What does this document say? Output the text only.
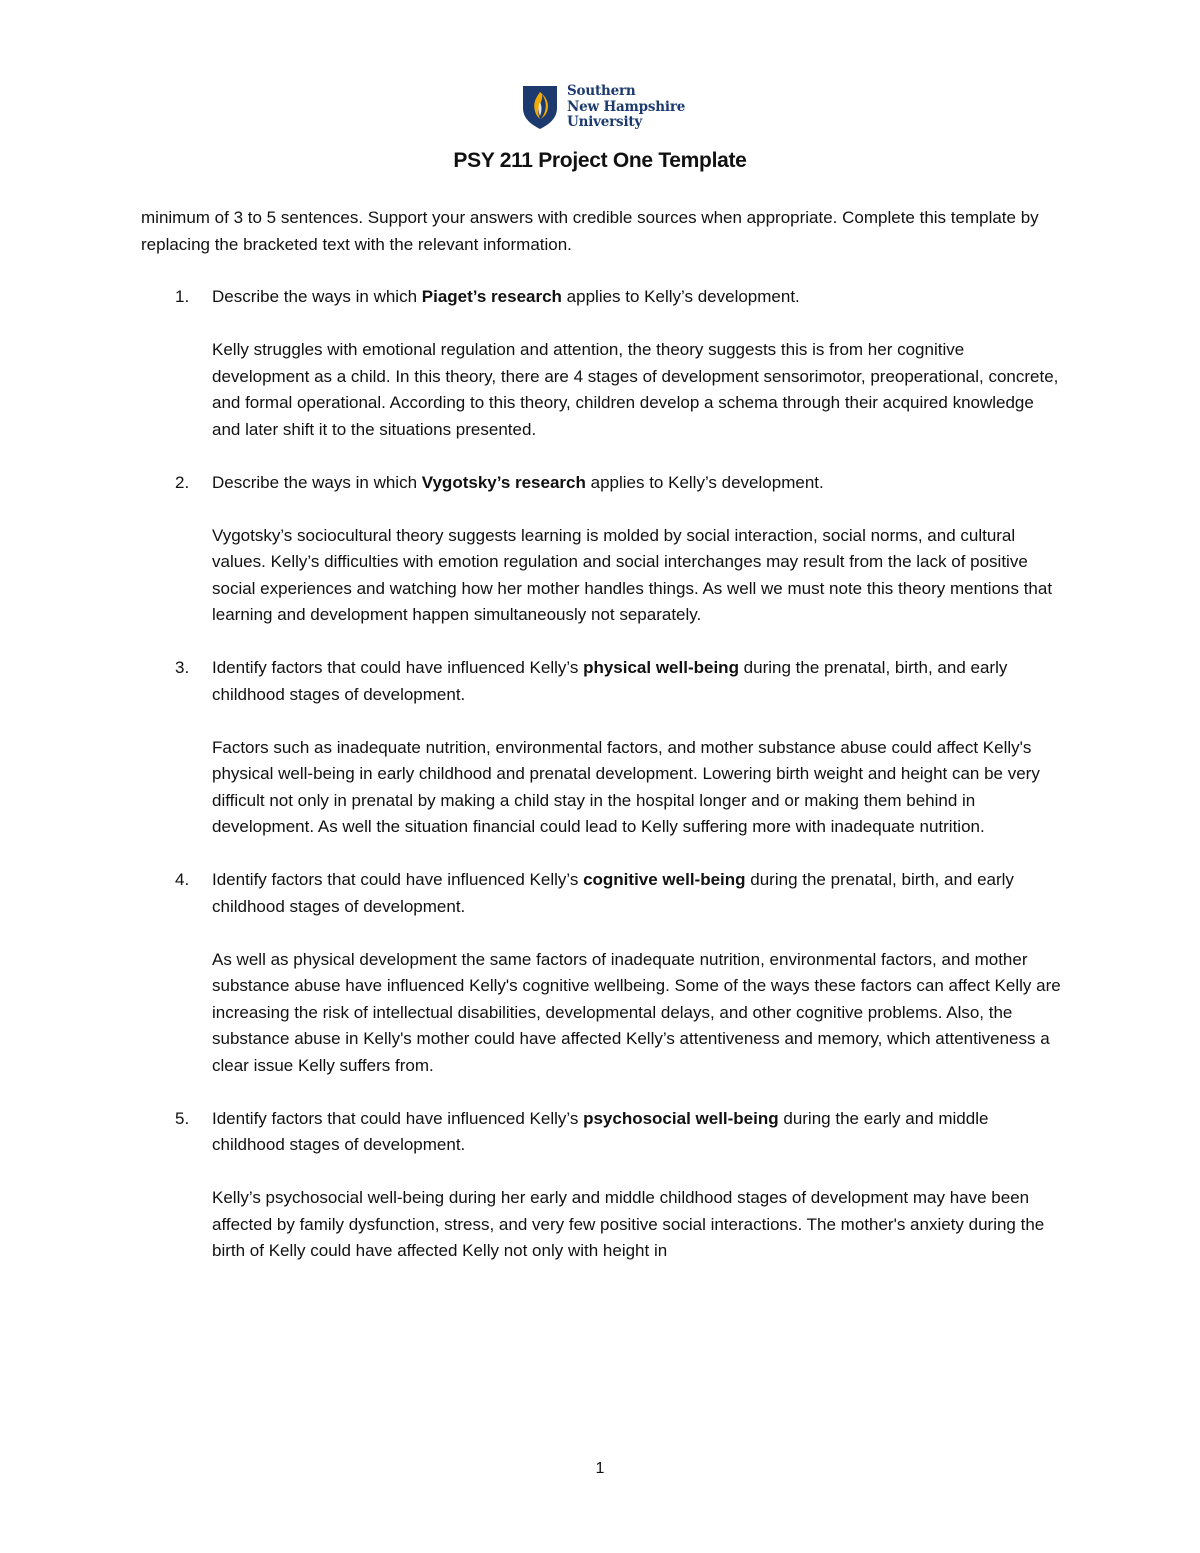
Southern
New Hampshire
University
PSY 211 Project One Template

minimum of 3 to 5 sentences. Support your answers with credible sources when appropriate. Complete this template by replacing the bracketed text with the relevant information.

1. Describe the ways in which Piaget’s research applies to Kelly’s development.

Kelly struggles with emotional regulation and attention, the theory suggests this is from her cognitive development as a child. In this theory, there are 4 stages of development sensorimotor, preoperational, concrete, and formal operational. According to this theory, children develop a schema through their acquired knowledge and later shift it to the situations presented.

2. Describe the ways in which Vygotsky’s research applies to Kelly’s development.

Vygotsky’s sociocultural theory suggests learning is molded by social interaction, social norms, and cultural values. Kelly’s difficulties with emotion regulation and social interchanges may result from the lack of positive social experiences and watching how her mother handles things. As well we must note this theory mentions that learning and development happen simultaneously not separately.

3. Identify factors that could have influenced Kelly’s physical well-being during the prenatal, birth, and early childhood stages of development.

Factors such as inadequate nutrition, environmental factors, and mother substance abuse could affect Kelly's physical well-being in early childhood and prenatal development. Lowering birth weight and height can be very difficult not only in prenatal by making a child stay in the hospital longer and or making them behind in development. As well the situation financial could lead to Kelly suffering more with inadequate nutrition.

4. Identify factors that could have influenced Kelly’s cognitive well-being during the prenatal, birth, and early childhood stages of development.

As well as physical development the same factors of inadequate nutrition, environmental factors, and mother substance abuse have influenced Kelly's cognitive wellbeing. Some of the ways these factors can affect Kelly are increasing the risk of intellectual disabilities, developmental delays, and other cognitive problems. Also, the substance abuse in Kelly's mother could have affected Kelly’s attentiveness and memory, which attentiveness a clear issue Kelly suffers from.

5. Identify factors that could have influenced Kelly’s psychosocial well-being during the early and middle childhood stages of development.

Kelly’s psychosocial well-being during her early and middle childhood stages of development may have been affected by family dysfunction, stress, and very few positive social interactions. The mother's anxiety during the birth of Kelly could have affected Kelly not only with height in

1
